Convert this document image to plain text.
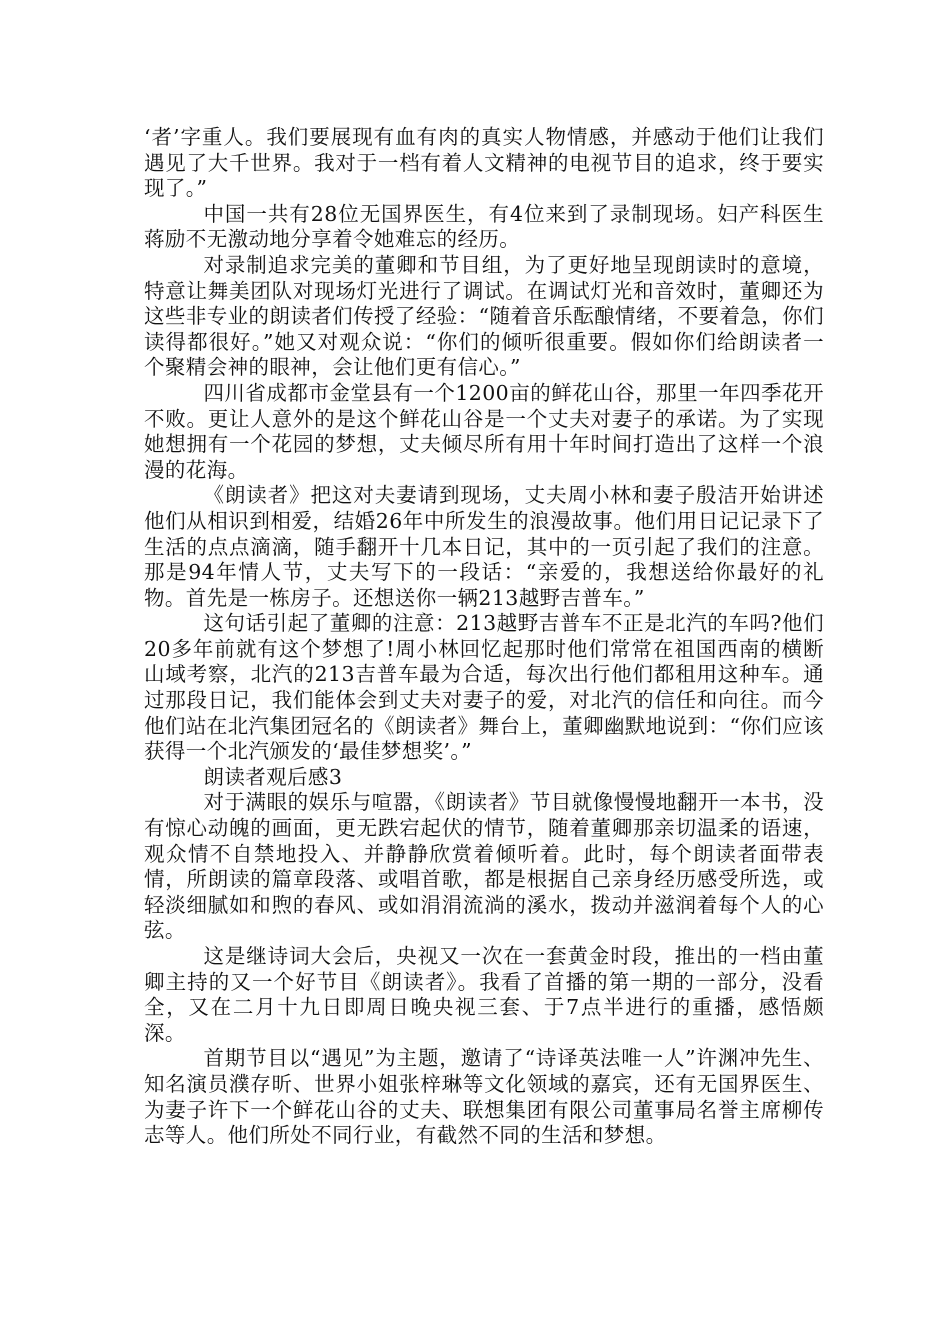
‘者’字重人。我们要展现有血有肉的真实人物情感，并感动于他们让我们遇见了大千世界。我对于一档有着人文精神的电视节目的追求，终于要实现了。”

中国一共有28位无国界医生，有4位来到了录制现场。妇产科医生蒋励不无激动地分享着令她难忘的经历。

对录制追求完美的董卿和节目组，为了更好地呈现朗读时的意境，特意让舞美团队对现场灯光进行了调试。在调试灯光和音效时，董卿还为这些非专业的朗读者们传授了经验：“随着音乐酝酿情绪，不要着急，你们读得都很好。”她又对观众说：“你们的倾听很重要。假如你们给朗读者一个聚精会神的眼神，会让他们更有信心。”

四川省成都市金堂县有一个1200亩的鲜花山谷，那里一年四季花开不败。更让人意外的是这个鲜花山谷是一个丈夫对妻子的承诺。为了实现她想拥有一个花园的梦想，丈夫倾尽所有用十年时间打造出了这样一个浪漫的花海。

《朗读者》把这对夫妻请到现场，丈夫周小林和妻子殷洁开始讲述他们从相识到相爱，结婚26年中所发生的浪漫故事。他们用日记记录下了生活的点点滴滴，随手翻开十几本日记，其中的一页引起了我们的注意。那是94年情人节，丈夫写下的一段话：“亲爱的，我想送给你最好的礼物。首先是一栋房子。还想送你一辆213越野吉普车。”

这句话引起了董卿的注意：213越野吉普车不正是北汽的车吗?他们20多年前就有这个梦想了!周小林回忆起那时他们常常在祖国西南的横断山域考察，北汽的213吉普车最为合适，每次出行他们都租用这种车。通过那段日记，我们能体会到丈夫对妻子的爱，对北汽的信任和向往。而今他们站在北汽集团冠名的《朗读者》舞台上，董卿幽默地说到：“你们应该获得一个北汽颁发的‘最佳梦想奖’。”

朗读者观后感3

对于满眼的娱乐与喧嚣，《朗读者》节目就像慢慢地翻开一本书，没有惊心动魄的画面，更无跌宕起伏的情节，随着董卿那亲切温柔的语速，观众情不自禁地投入、并静静欣赏着倾听着。此时，每个朗读者面带表情，所朗读的篇章段落、或唱首歌，都是根据自己亲身经历感受所选，或轻淡细腻如和煦的春风、或如涓涓流淌的溪水，拨动并滋润着每个人的心弦。

这是继诗词大会后，央视又一次在一套黄金时段，推出的一档由董卿主持的又一个好节目《朗读者》。我看了首播的第一期的一部分，没看全，又在二月十九日即周日晚央视三套、于7点半进行的重播，感悟颇深。

首期节目以“遇见”为主题，邀请了“诗译英法唯一人”许渊冲先生、知名演员濮存昕、世界小姐张梓琳等文化领域的嘉宾，还有无国界医生、为妻子许下一个鲜花山谷的丈夫、联想集团有限公司董事局名誉主席柳传志等人。他们所处不同行业，有截然不同的生活和梦想。
